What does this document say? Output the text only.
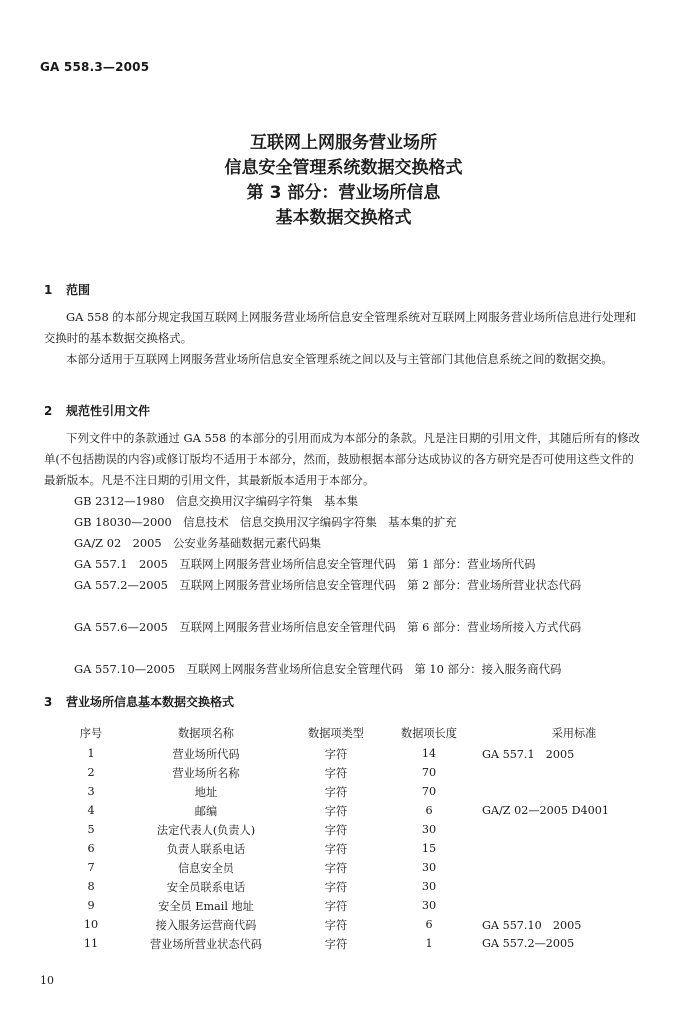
GA 558.3—2005
互联网上网服务营业场所
信息安全管理系统数据交换格式
第 3 部分：营业场所信息
基本数据交换格式
1 范围
GA 558 的本部分规定我国互联网上网服务营业场所信息安全管理系统对互联网上网服务营业场所信息进行处理和交换时的基本数据交换格式。
本部分适用于互联网上网服务营业场所信息安全管理系统之间以及与主管部门其他信息系统之间的数据交换。
2 规范性引用文件
下列文件中的条款通过 GA 558 的本部分的引用而成为本部分的条款。凡是注日期的引用文件，其随后所有的修改单(不包括勘误的内容)或修订版均不适用于本部分，然而，鼓励根据本部分达成协议的各方研究是否可使用这些文件的最新版本。凡是不注日期的引用文件，其最新版本适用于本部分。
GB 2312—1980　信息交换用汉字编码字符集　基本集
GB 18030—2000　信息技术　信息交换用汉字编码字符集　基本集的扩充
GA/Z 02　2005　公安业务基础数据元素代码集
GA 557.1　2005　互联网上网服务营业场所信息安全管理代码　第 1 部分：营业场所代码
GA 557.2—2005　互联网上网服务营业场所信息安全管理代码　第 2 部分：营业场所营业状态代码
GA 557.6—2005　互联网上网服务营业场所信息安全管理代码　第 6 部分：营业场所接入方式代码
GA 557.10—2005　互联网上网服务营业场所信息安全管理代码　第 10 部分：接入服务商代码
3 营业场所信息基本数据交换格式
序号	数据项名称	数据项类型	数据项长度	采用标准
1	营业场所代码	字符	14	GA 557.1　2005
2	营业场所名称	字符	70	
3	地址	字符	70	
4	邮编	字符	6	GA/Z 02—2005 D4001
5	法定代表人(负责人)	字符	30	
6	负责人联系电话	字符	15	
7	信息安全员	字符	30	
8	安全员联系电话	字符	30	
9	安全员 Email 地址	字符	30	
10	接入服务运营商代码	字符	6	GA 557.10　2005
11	营业场所营业状态代码	字符	1	GA 557.2—2005
10
